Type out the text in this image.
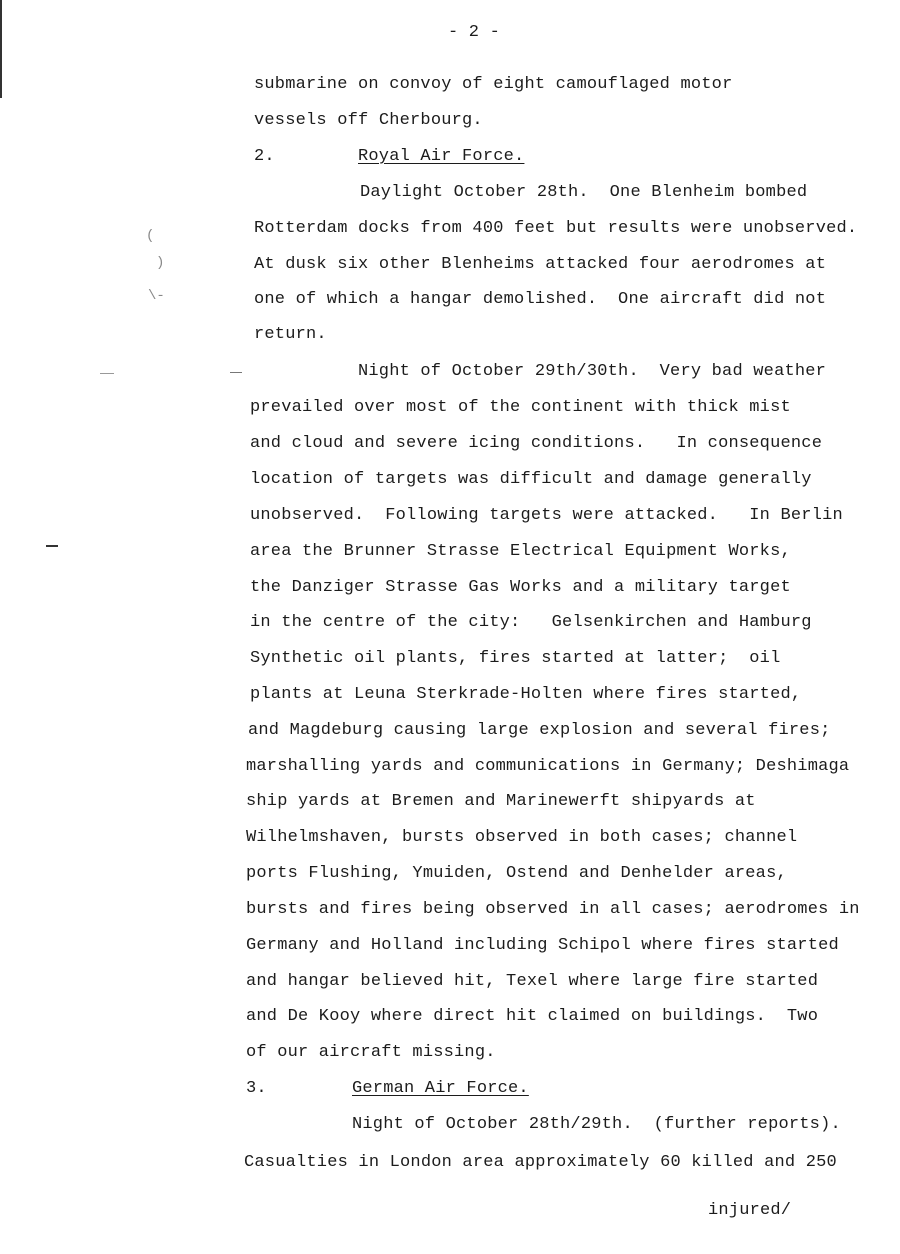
(
)
\-
- 2 -
submarine on convoy of eight camouflaged motor
vessels off Cherbourg.
2.	Royal Air Force.
Daylight October 28th.  One Blenheim bombed
Rotterdam docks from 400 feet but results were unobserved.
At dusk six other Blenheims attacked four aerodromes at
one of which a hangar demolished.  One aircraft did not
return.
Night of October 29th/30th.  Very bad weather
prevailed over most of the continent with thick mist
and cloud and severe icing conditions.   In consequence
location of targets was difficult and damage generally
unobserved.  Following targets were attacked.   In Berlin
area the Brunner Strasse Electrical Equipment Works,
the Danziger Strasse Gas Works and a military target
in the centre of the city:   Gelsenkirchen and Hamburg
Synthetic oil plants, fires started at latter;  oil
plants at Leuna Sterkrade-Holten where fires started,
and Magdeburg causing large explosion and several fires;
marshalling yards and communications in Germany; Deshimaga
ship yards at Bremen and Marinewerft shipyards at
Wilhelmshaven, bursts observed in both cases; channel
ports Flushing, Ymuiden, Ostend and Denhelder areas,
bursts and fires being observed in all cases; aerodromes in
Germany and Holland including Schipol where fires started
and hangar believed hit, Texel where large fire started
and De Kooy where direct hit claimed on buildings.  Two
of our aircraft missing.
3.	German Air Force.
Night of October 28th/29th.  (further reports).
Casualties in London area approximately 60 killed and 250
injured/
